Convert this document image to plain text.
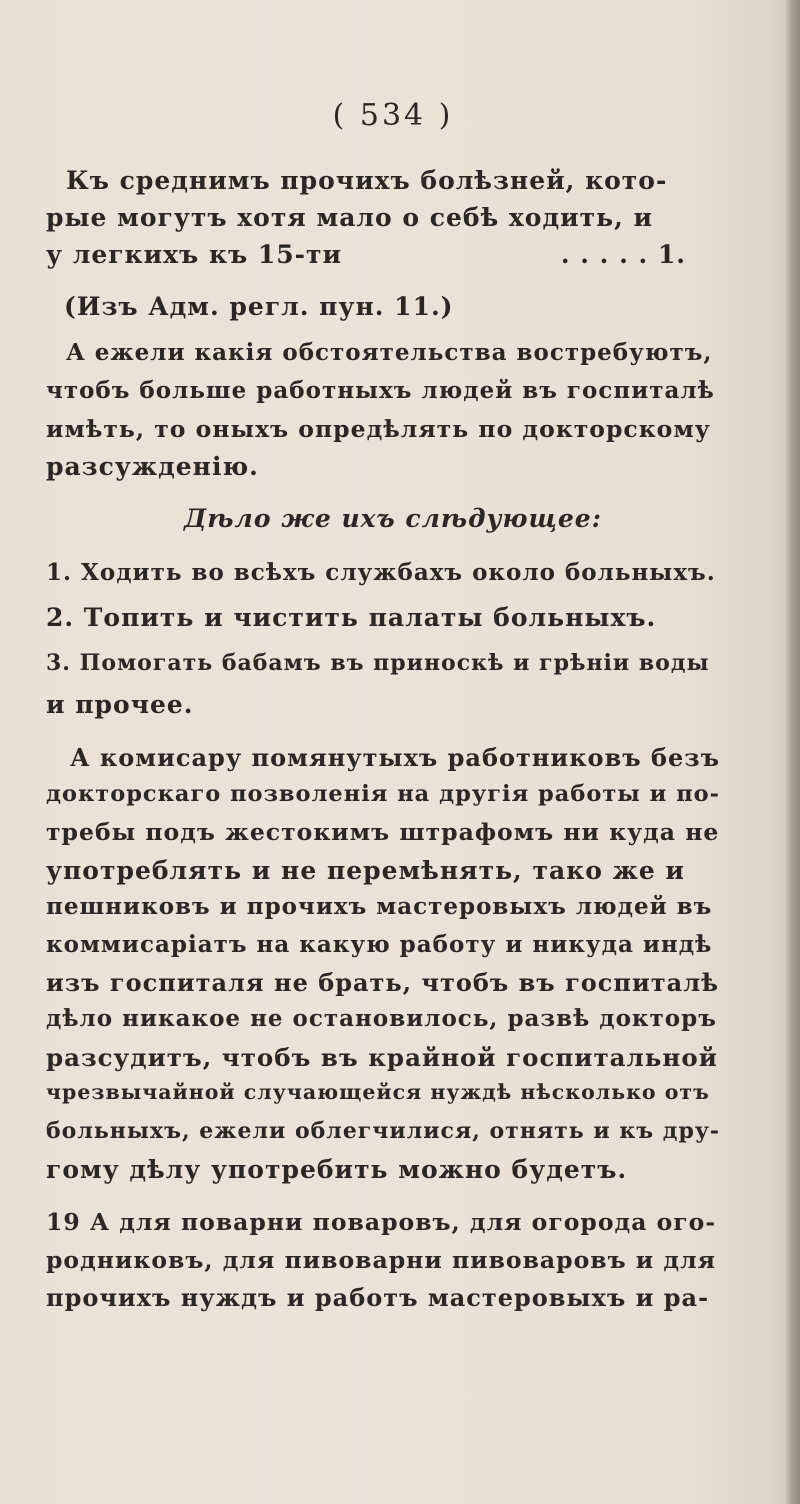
( 534 )
Къ среднимъ прочихъ болѣзней, кото-
рые могутъ хотя мало о себѣ ходить, и
у легкихъ къ 15-ти	. . . . . 1.
(Изъ Адм. регл. пун. 11.)
А ежели какія обстоятельства востребуютъ,
чтобъ больше работныхъ людей въ госпиталѣ
имѣть, то оныхъ опредѣлять по докторскому
разсужденію.
Дѣло же ихъ слѣдующее:
1. Ходить во всѣхъ службахъ около больныхъ.
2. Топить и чистить палаты больныхъ.
3. Помогать бабамъ въ приноскѣ и грѣніи воды
и прочее.
А комисару помянутыхъ работниковъ безъ
докторскаго позволенія на другія работы и по-
требы подъ жестокимъ штрафомъ ни куда не
употреблять и не перемѣнять, тако же и
пешниковъ и прочихъ мастеровыхъ людей въ
коммисаріатъ на какую работу и никуда индѣ
изъ госпиталя не брать, чтобъ въ госпиталѣ
дѣло никакое не остановилось, развѣ докторъ
разсудитъ, чтобъ въ крайной госпитальной
чрезвычайной случающейся нуждѣ нѣсколько отъ
больныхъ, ежели облегчилися, отнять и къ дру-
гому дѣлу употребить можно будетъ.
19 А для поварни поваровъ, для огорода ого-
родниковъ, для пивоварни пивоваровъ и для
прочихъ нуждъ и работъ мастеровыхъ и ра-
